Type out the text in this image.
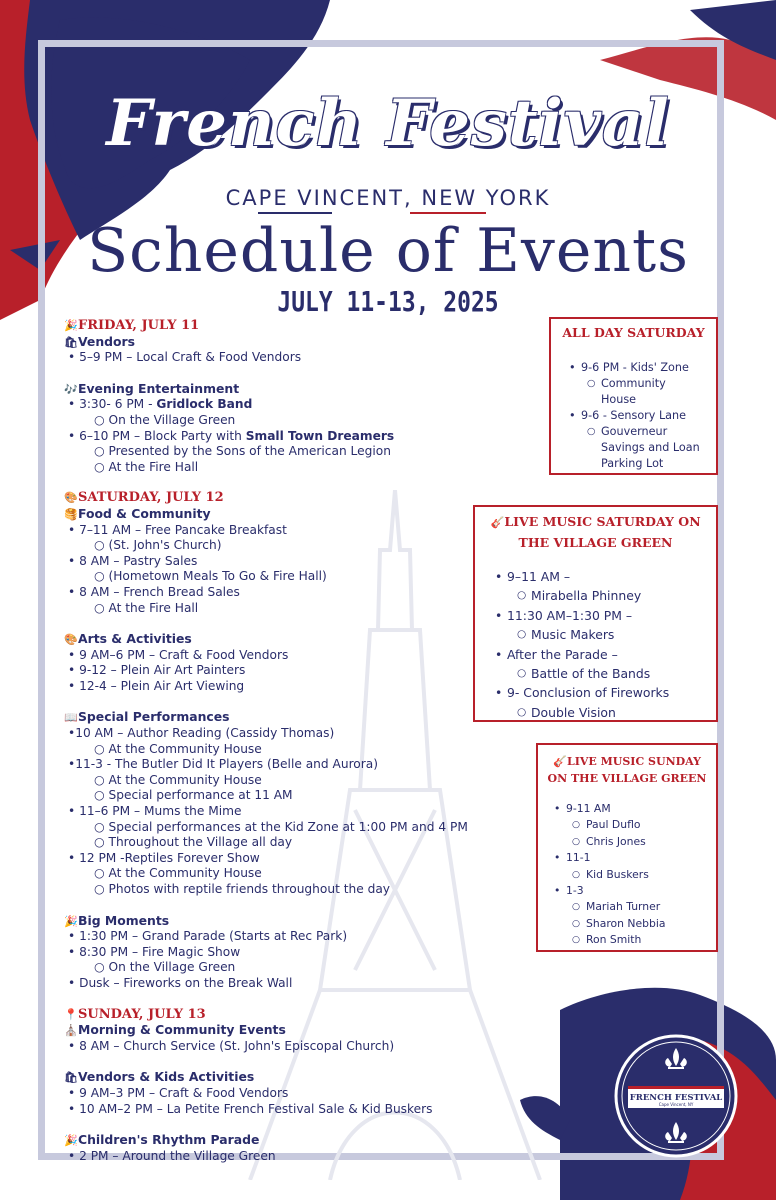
French Festival
CAPE VINCENT, NEW YORK
Schedule of Events
JULY 11-13, 2025

🎉FRIDAY, JULY 11

🛍Vendors

• 5–9 PM – Local Craft & Food Vendors

🎶Evening Entertainment

• 3:30- 6 PM - Gridlock Band

○ On the Village Green

• 6–10 PM – Block Party with Small Town Dreamers

○ Presented by the Sons of the American Legion

○ At the Fire Hall

🎨SATURDAY, JULY 12

🥞Food & Community

• 7–11 AM – Free Pancake Breakfast

○ (St. John's Church)

• 8 AM – Pastry Sales

○ (Hometown Meals To Go & Fire Hall)

• 8 AM – French Bread Sales

○ At the Fire Hall

🎨Arts & Activities

• 9 AM–6 PM – Craft & Food Vendors

• 9-12 – Plein Air Art Painters

• 12-4 – Plein Air Art Viewing

📖Special Performances

•10 AM – Author Reading (Cassidy Thomas)

○ At the Community House

•11-3 - The Butler Did It Players (Belle and Aurora)

○ At the Community House

○ Special performance at 11 AM

• 11–6 PM – Mums the Mime

○ Special performances at the Kid Zone at 1:00 PM and 4 PM

○ Throughout the Village all day

• 12 PM -Reptiles Forever Show

○ At the Community House

○ Photos with reptile friends throughout the day

🎉Big Moments

• 1:30 PM – Grand Parade (Starts at Rec Park)

• 8:30 PM – Fire Magic Show

○ On the Village Green

• Dusk – Fireworks on the Break Wall

📍SUNDAY, JULY 13

⛪Morning & Community Events

• 8 AM – Church Service (St. John's Episcopal Church)

🛍Vendors & Kids Activities

• 9 AM–3 PM – Craft & Food Vendors

• 10 AM–2 PM – La Petite French Festival Sale & Kid Buskers

🎉Children's Rhythm Parade

• 2 PM – Around the Village Green

ALL DAY SATURDAY
• 9-6 PM - Kids' Zone
○ Community House
• 9-6 - Sensory Lane
○ Gouverneur Savings and Loan Parking Lot
🎸LIVE MUSIC SATURDAY ON THE VILLAGE GREEN
• 9–11 AM –
○ Mirabella Phinney
• 11:30 AM–1:30 PM –
○ Music Makers
• After the Parade –
○ Battle of the Bands
• 9- Conclusion of Fireworks
○ Double Vision
🎸LIVE MUSIC SUNDAY ON THE VILLAGE GREEN
• 9-11 AM
○ Paul Duflo
○ Chris Jones
• 11-1
○ Kid Buskers
• 1-3
○ Mariah Turner
○ Sharon Nebbia
○ Ron Smith
FRENCH FESTIVAL
Cape Vincent, NY
